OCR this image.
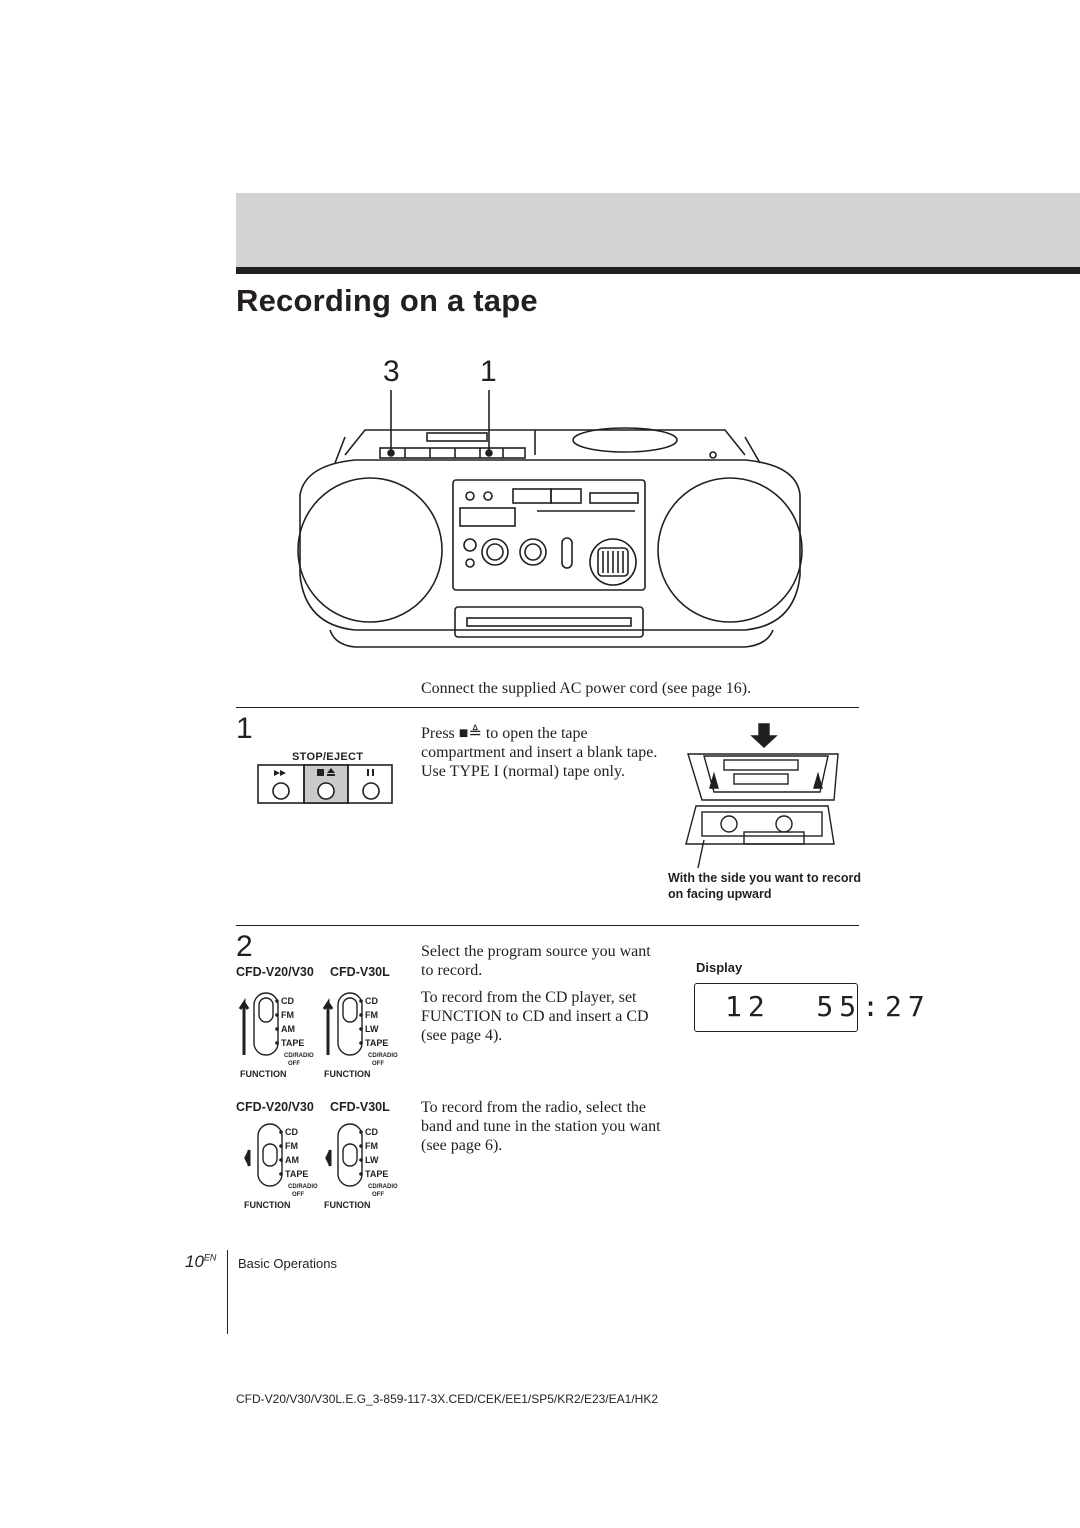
Recording on a tape
3	1
Connect the supplied AC power cord (see page 16).
1
STOP/EJECT
Press ■≜ to open the tape compartment and insert a blank tape. Use TYPE I (normal) tape only.
With the side you want to record on facing upward
2	Select the program source you want to record.
To record from the CD player, set FUNCTION to CD and insert a CD (see page 4).
To record from the radio, select the band and tune in the station you want (see page 6).
CFD-V20/V30 CFD-V30L
CFD-V20/V30 CFD-V30L
CD
FM
AM
TAPE
CD/RADIO
OFF
FUNCTION
CD
FM
LW
TAPE
CD/RADIO
OFF
FUNCTION
CD
FM
AM
TAPE
CD/RADIO
OFF
FUNCTION
CD
FM
LW
TAPE
CD/RADIO
OFF
FUNCTION
Display
12  55:27
$10^{EN}$ Basic Operations
CFD-V20/V30/V30L.E.G_3-859-117-3X.CED/CEK/EE1/SP5/KR2/E23/EA1/HK2
